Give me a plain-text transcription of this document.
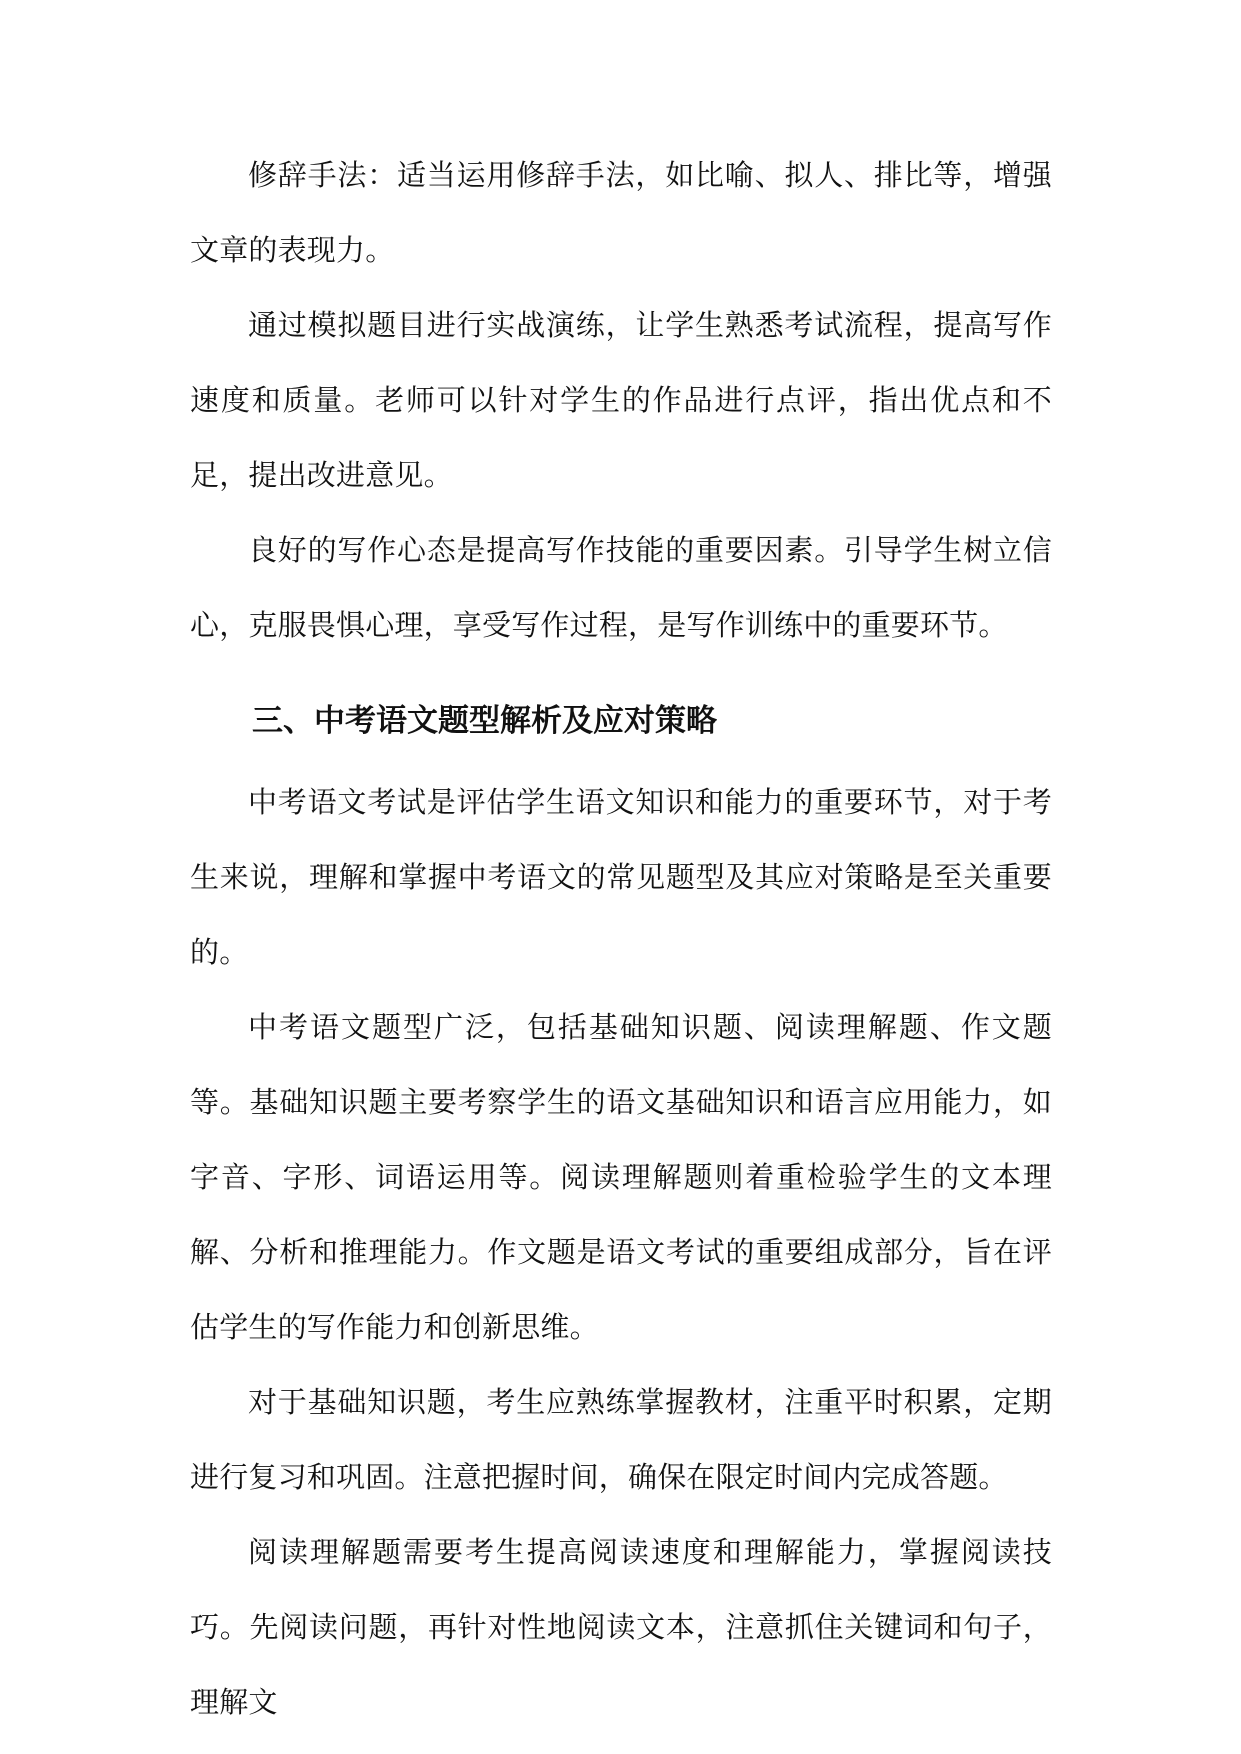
修辞手法：适当运用修辞手法，如比喻、拟人、排比等，增强文章的表现力。

通过模拟题目进行实战演练，让学生熟悉考试流程，提高写作速度和质量。老师可以针对学生的作品进行点评，指出优点和不足，提出改进意见。

良好的写作心态是提高写作技能的重要因素。引导学生树立信心，克服畏惧心理，享受写作过程，是写作训练中的重要环节。

三、中考语文题型解析及应对策略

中考语文考试是评估学生语文知识和能力的重要环节，对于考生来说，理解和掌握中考语文的常见题型及其应对策略是至关重要的。

中考语文题型广泛，包括基础知识题、阅读理解题、作文题等。基础知识题主要考察学生的语文基础知识和语言应用能力，如字音、字形、词语运用等。阅读理解题则着重检验学生的文本理解、分析和推理能力。作文题是语文考试的重要组成部分，旨在评估学生的写作能力和创新思维。

对于基础知识题，考生应熟练掌握教材，注重平时积累，定期进行复习和巩固。注意把握时间，确保在限定时间内完成答题。

阅读理解题需要考生提高阅读速度和理解能力，掌握阅读技巧。先阅读问题，再针对性地阅读文本，注意抓住关键词和句子，理解文
